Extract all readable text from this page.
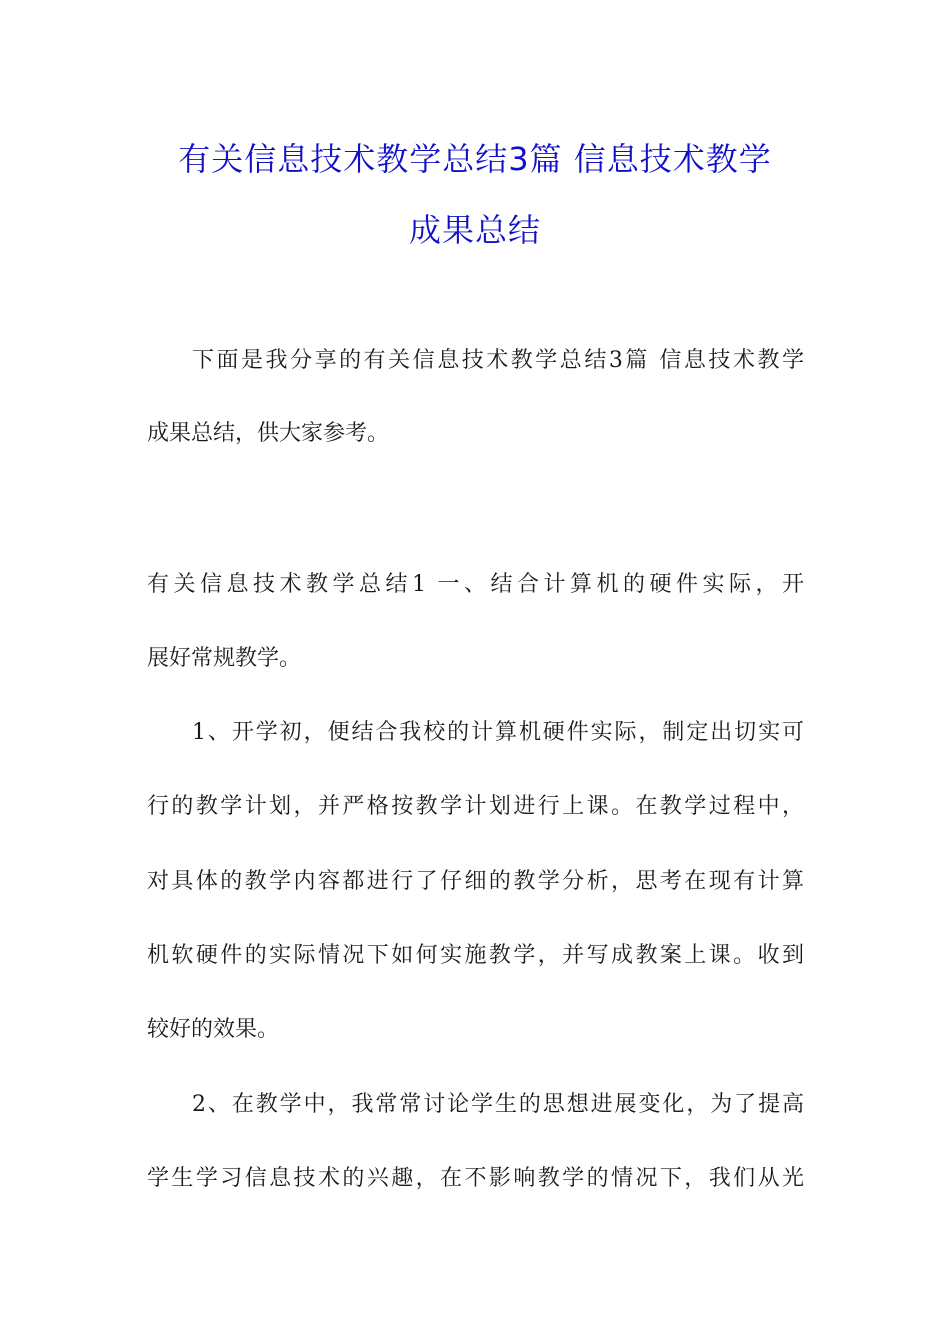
有关信息技术教学总结3篇 信息技术教学
成果总结

下面是我分享的有关信息技术教学总结3篇 信息技术教学

成果总结，供大家参考。

有关信息技术教学总结1 一、结合计算机的硬件实际，开

展好常规教学。

1、开学初，便结合我校的计算机硬件实际，制定出切实可

行的教学计划，并严格按教学计划进行上课。在教学过程中，

对具体的教学内容都进行了仔细的教学分析，思考在现有计算

机软硬件的实际情况下如何实施教学，并写成教案上课。收到

较好的效果。

2、在教学中，我常常讨论学生的思想进展变化，为了提高

学生学习信息技术的兴趣，在不影响教学的情况下，我们从光
